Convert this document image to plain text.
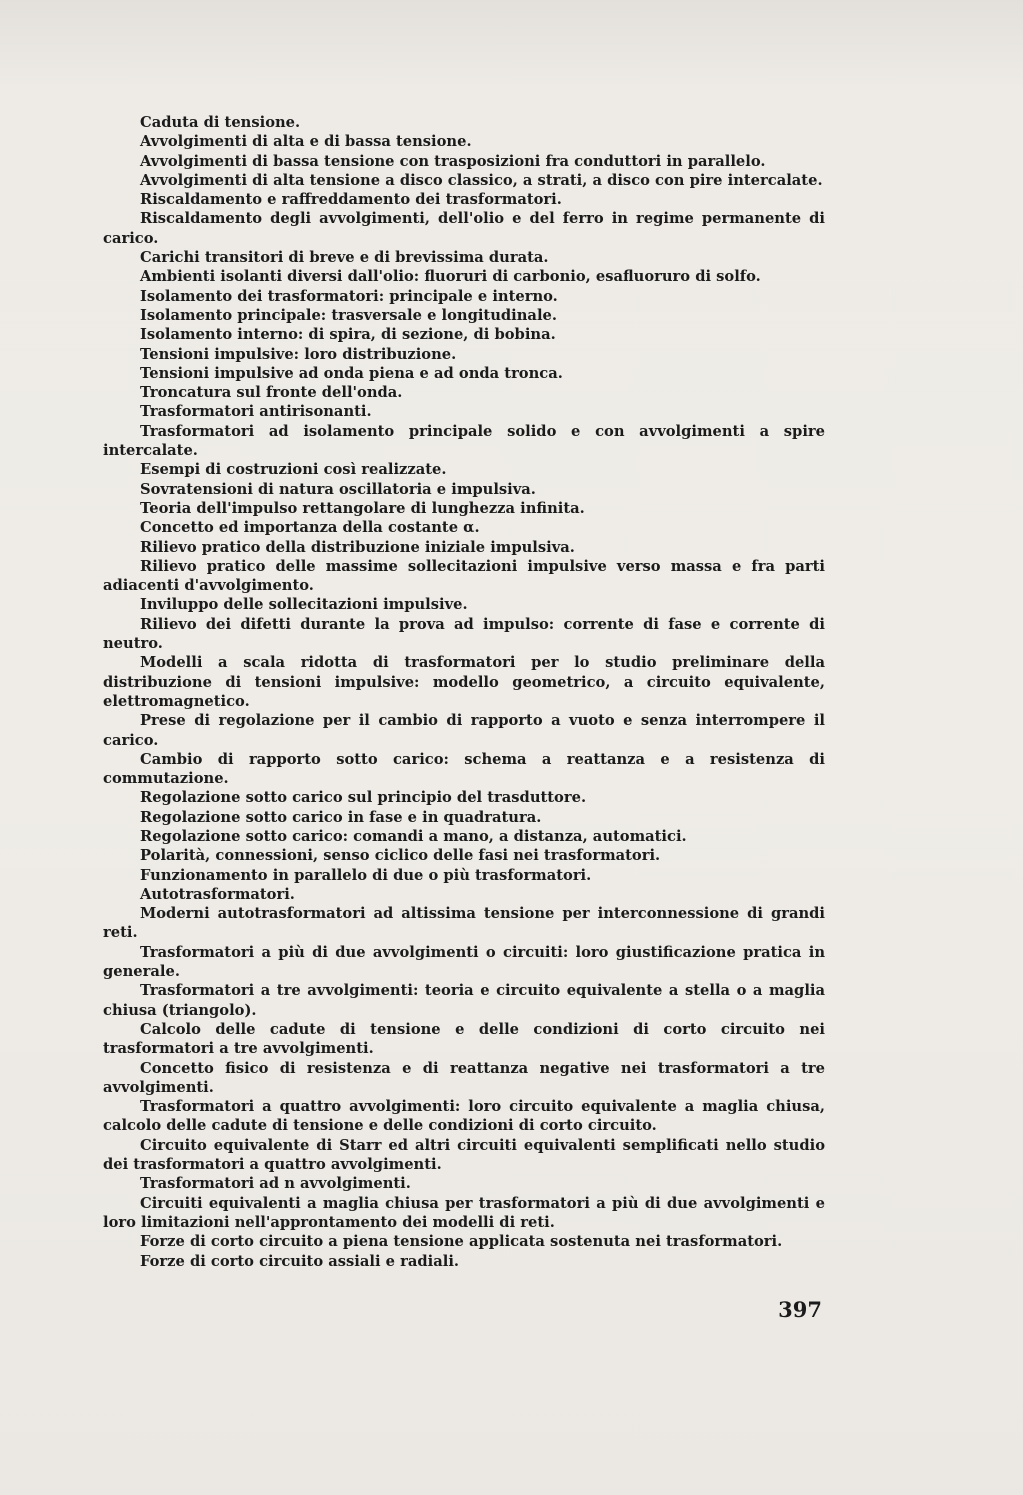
Caduta di tensione.

Avvolgimenti di alta e di bassa tensione.

Avvolgimenti di bassa tensione con trasposizioni fra conduttori in parallelo.

Avvolgimenti di alta tensione a disco classico, a strati, a disco con pire intercalate.

Riscaldamento e raffreddamento dei trasformatori.

Riscaldamento degli avvolgimenti, dell'olio e del ferro in regime permanente di carico.

Carichi transitori di breve e di brevissima durata.

Ambienti isolanti diversi dall'olio: fluoruri di carbonio, esafluoruro di solfo.

Isolamento dei trasformatori: principale e interno.

Isolamento principale: trasversale e longitudinale.

Isolamento interno: di spira, di sezione, di bobina.

Tensioni impulsive: loro distribuzione.

Tensioni impulsive ad onda piena e ad onda tronca.

Troncatura sul fronte dell'onda.

Trasformatori antirisonanti.

Trasformatori ad isolamento principale solido e con avvolgimenti a spire intercalate.

Esempi di costruzioni così realizzate.

Sovratensioni di natura oscillatoria e impulsiva.

Teoria dell'impulso rettangolare di lunghezza infinita.

Concetto ed importanza della costante α.

Rilievo pratico della distribuzione iniziale impulsiva.

Rilievo pratico delle massime sollecitazioni impulsive verso massa e fra parti adiacenti d'avvolgimento.

Inviluppo delle sollecitazioni impulsive.

Rilievo dei difetti durante la prova ad impulso: corrente di fase e corrente di neutro.

Modelli a scala ridotta di trasformatori per lo studio preliminare della distribuzione di tensioni impulsive: modello geometrico, a circuito equivalente, elettromagnetico.

Prese di regolazione per il cambio di rapporto a vuoto e senza interrompere il carico.

Cambio di rapporto sotto carico: schema a reattanza e a resistenza di commutazione.

Regolazione sotto carico sul principio del trasduttore.

Regolazione sotto carico in fase e in quadratura.

Regolazione sotto carico: comandi a mano, a distanza, automatici.

Polarità, connessioni, senso ciclico delle fasi nei trasformatori.

Funzionamento in parallelo di due o più trasformatori.

Autotrasformatori.

Moderni autotrasformatori ad altissima tensione per interconnessione di grandi reti.

Trasformatori a più di due avvolgimenti o circuiti: loro giustificazione pratica in generale.

Trasformatori a tre avvolgimenti: teoria e circuito equivalente a stella o a maglia chiusa (triangolo).

Calcolo delle cadute di tensione e delle condizioni di corto circuito nei trasformatori a tre avvolgimenti.

Concetto fisico di resistenza e di reattanza negative nei trasformatori a tre avvolgimenti.

Trasformatori a quattro avvolgimenti: loro circuito equivalente a maglia chiusa, calcolo delle cadute di tensione e delle condizioni di corto circuito.

Circuito equivalente di Starr ed altri circuiti equivalenti semplificati nello studio dei trasformatori a quattro avvolgimenti.

Trasformatori ad n avvolgimenti.

Circuiti equivalenti a maglia chiusa per trasformatori a più di due avvolgimenti e loro limitazioni nell'approntamento dei modelli di reti.

Forze di corto circuito a piena tensione applicata sostenuta nei trasformatori.

Forze di corto circuito assiali e radiali.

397
